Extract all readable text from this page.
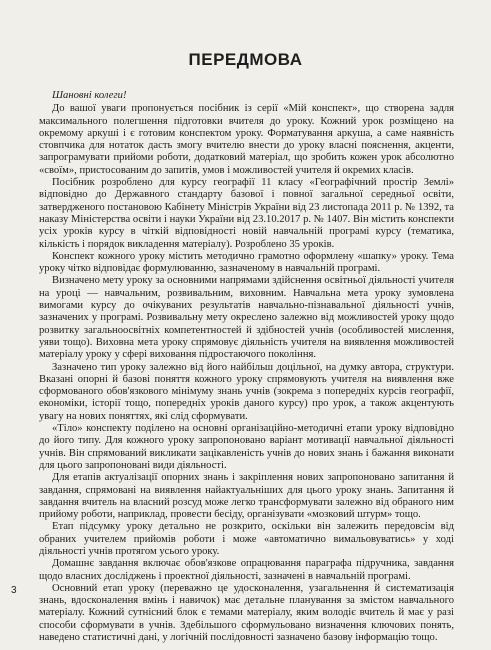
ПЕРЕДМОВА

Шановні колеги!

До вашої уваги пропонується посібник із серії «Мій конспект», що створена задля максимального полегшення підготовки вчителя до уроку. Кожний урок розміщено на окремому аркуші і є готовим конспектом уроку. Форматування аркуша, а саме наявність стовпчика для нотаток дасть змогу вчителю внести до уроку власні пояснення, акценти, запрограмувати прийоми роботи, додатковий матеріал, що зробить кожен урок абсолютно «своїм», пристосованим до запитів, умов і можливостей учителя й окремих класів.

Посібник розроблено для курсу географії 11 класу «Географічний простір Землі» відповідно до Державного стандарту базової і повної загальної середньої освіти, затвердженого постановою Кабінету Міністрів України від 23 листопада 2011 р. № 1392, та наказу Міністерства освіти і науки України від 23.10.2017 р. № 1407. Він містить конспекти усіх уроків курсу в чіткій відповідності новій навчальній програмі курсу (тематика, кількість і порядок викладення матеріалу). Розроблено 35 уроків.

Конспект кожного уроку містить методично грамотно оформлену «шапку» уроку. Тема уроку чітко відповідає формулюванню, зазначеному в навчальній програмі.

Визначено мету уроку за основними напрямами здійснення освітньої діяльності учителя на уроці — навчальним, розвивальним, виховним. Навчальна мета уроку зумовлена вимогами курсу до очікуваних результатів навчально-пізнавальної діяльності учнів, зазначених у програмі. Розвивальну мету окреслено залежно від можливостей уроку щодо розвитку загальноосвітніх компетентностей й здібностей учнів (особливостей мислення, уяви тощо). Виховна мета уроку спрямовує діяльність учителя на виявлення можливостей матеріалу уроку у сфері виховання підростаючого покоління.

Зазначено тип уроку залежно від його найбільш доцільної, на думку автора, структури. Вказані опорні й базові поняття кожного уроку спрямовують учителя на виявлення вже сформованого обов'язкового мінімуму знань учнів (зокрема з попередніх курсів географії, економіки, історії тощо, попередніх уроків даного курсу) про урок, а також акцентують увагу на нових поняттях, які слід сформувати.

«Тіло» конспекту поділено на основні організаційно-методичні етапи уроку відповідно до його типу. Для кожного уроку запропоновано варіант мотивації навчальної діяльності учнів. Він спрямований викликати зацікавленість учнів до нових знань і бажання виконати для цього запропоновані види діяльності.

Для етапів актуалізації опорних знань і закріплення нових запропоновано запитання й завдання, спрямовані на виявлення найактуальніших для цього уроку знань. Запитання й завдання вчитель на власний розсуд може легко трансформувати залежно від обраного ним прийому роботи, наприклад, провести бесіду, організувати «мозковий штурм» тощо.

Етап підсумку уроку детально не розкрито, оскільки він залежить передовсім від обраних учителем прийомів роботи і може «автоматично вимальовуватись» у ході діяльності учнів протягом усього уроку.

Домашнє завдання включає обов'язкове опрацювання параграфа підручника, завдання щодо власних досліджень і проектної діяльності, зазначені в навчальній програмі.

Основний етап уроку (переважно це удосконалення, узагальнення й систематизація знань, вдосконалення вмінь і навичок) має детальне планування за змістом навчального матеріалу. Кожний сутнісний блок є темами матеріалу, яким володіє вчитель й має у разі способи сформувати в учнів. Здебільшого сформульовано визначення ключових понять, наведено статистичні дані, у логічній послідовності зазначено базову інформацію тощо.

3
